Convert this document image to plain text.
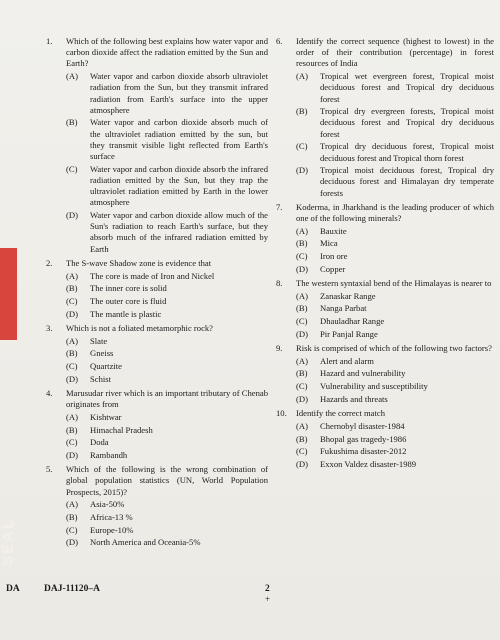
SEAL
1.	Which of the following best explains how water vapor and carbon dioxide affect the radiation emitted by the Sun and Earth?
(A)	Water vapor and carbon dioxide absorb ultraviolet radiation from the Sun, but they transmit infrared radiation from Earth's surface into the upper atmosphere
(B)	Water vapor and carbon dioxide absorb much of the ultraviolet radiation emitted by the sun, but they transmit visible light reflected from Earth's surface
(C)	Water vapor and carbon dioxide absorb the infrared radiation emitted by the Sun, but they trap the ultraviolet radiation emitted by Earth in the lower atmosphere
(D)	Water vapor and carbon dioxide allow much of the Sun's radiation to reach Earth's surface, but they absorb much of the infrared radiation emitted by Earth
2.	The S-wave Shadow zone is evidence that
(A)	The core is made of Iron and Nickel
(B)	The inner core is solid
(C)	The outer core is fluid
(D)	The mantle is plastic
3.	Which is not a foliated metamorphic rock?
(A)	Slate
(B)	Gneiss
(C)	Quartzite
(D)	Schist
4.	Marusudar river which is an important tributary of Chenab originates from
(A)	Kishtwar
(B)	Himachal Pradesh
(C)	Doda
(D)	Rambandh
5.	Which of the following is the wrong combination of global population statistics (UN, World Population Prospects, 2015)?
(A)	Asia-50%
(B)	Africa-13 %
(C)	Europe-10%
(D)	North America and Oceania-5%
6.	Identify the correct sequence (highest to lowest) in the order of their contribution (percentage) in forest resources of India
(A)	Tropical wet evergreen forest, Tropical moist deciduous forest and Tropical dry deciduous forest
(B)	Tropical dry evergreen forests, Tropical moist deciduous forest and Tropical dry deciduous forest
(C)	Tropical dry deciduous forest, Tropical moist deciduous forest and Tropical thorn forest
(D)	Tropical moist deciduous forest, Tropical dry deciduous forest and Himalayan dry temperate forests
7.	Koderma, in Jharkhand is the leading producer of which one of the following minerals?
(A)	Bauxite
(B)	Mica
(C)	Iron ore
(D)	Copper
8.	The western syntaxial bend of the Himalayas is nearer to
(A)	Zanaskar Range
(B)	Nanga Parbat
(C)	Dhauladhar Range
(D)	Pir Panjal Range
9.	Risk is comprised of which of the following two factors?
(A)	Alert and alarm
(B)	Hazard and vulnerability
(C)	Vulnerability and susceptibility
(D)	Hazards and threats
10.	Identify the correct match
(A)	Chernobyl disaster-1984
(B)	Bhopal gas tragedy-1986
(C)	Fukushima disaster-2012
(D)	Exxon Valdez disaster-1989
DA	DAJ-11120–A	2
+
